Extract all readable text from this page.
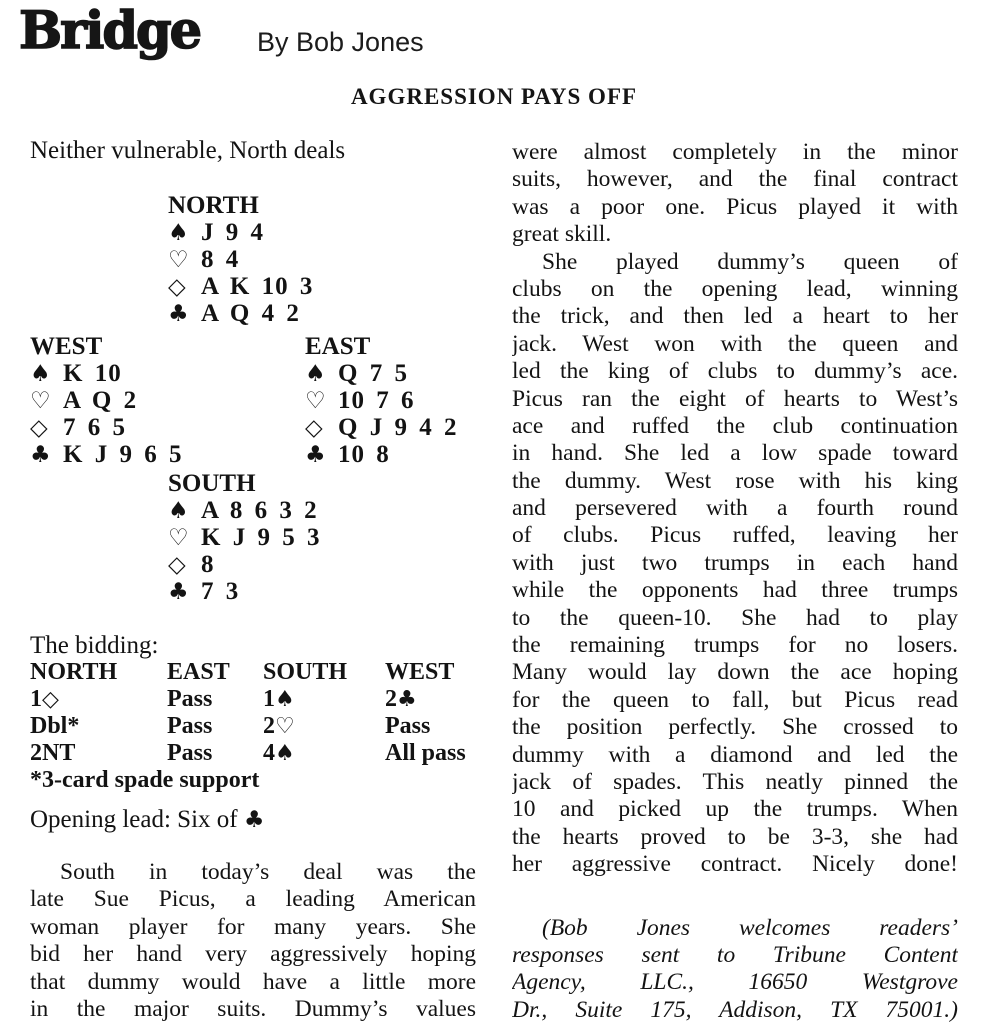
Bridge By Bob Jones
AGGRESSION PAYS OFF
Neither vulnerable, North deals
NORTH
♠ J 9 4
♡ 8 4
◇ A K 10 3
♣ A Q 4 2
WEST
♠ K 10
♡ A Q 2
◇ 7 6 5
♣ K J 9 6 5
EAST
♠ Q 7 5
♡ 10 7 6
◇ Q J 9 4 2
♣ 10 8
SOUTH
♠ A 8 6 3 2
♡ K J 9 5 3
◇ 8
♣ 7 3
The bidding:
NORTH	EAST	SOUTH	WEST
1◇	Pass	1♠	2♣
Dbl*	Pass	2♡	Pass
2NT	Pass	4♠	All pass
*3-card spade support
Opening lead: Six of ♣
South in today’s deal was the
late Sue Picus, a leading American
woman player for many years. She
bid her hand very aggressively hoping
that dummy would have a little more
in the major suits. Dummy’s values
were almost completely in the minor
suits, however, and the final contract
was a poor one. Picus played it with
great skill.
She played dummy’s queen of
clubs on the opening lead, winning
the trick, and then led a heart to her
jack. West won with the queen and
led the king of clubs to dummy’s ace.
Picus ran the eight of hearts to West’s
ace and ruffed the club continuation
in hand. She led a low spade toward
the dummy. West rose with his king
and persevered with a fourth round
of clubs. Picus ruffed, leaving her
with just two trumps in each hand
while the opponents had three trumps
to the queen-10. She had to play
the remaining trumps for no losers.
Many would lay down the ace hoping
for the queen to fall, but Picus read
the position perfectly. She crossed to
dummy with a diamond and led the
jack of spades. This neatly pinned the
10 and picked up the trumps. When
the hearts proved to be 3-3, she had
her aggressive contract. Nicely done!
(Bob Jones welcomes readers’
responses sent to Tribune Content
Agency, LLC., 16650 Westgrove
Dr., Suite 175, Addison, TX 75001.)
